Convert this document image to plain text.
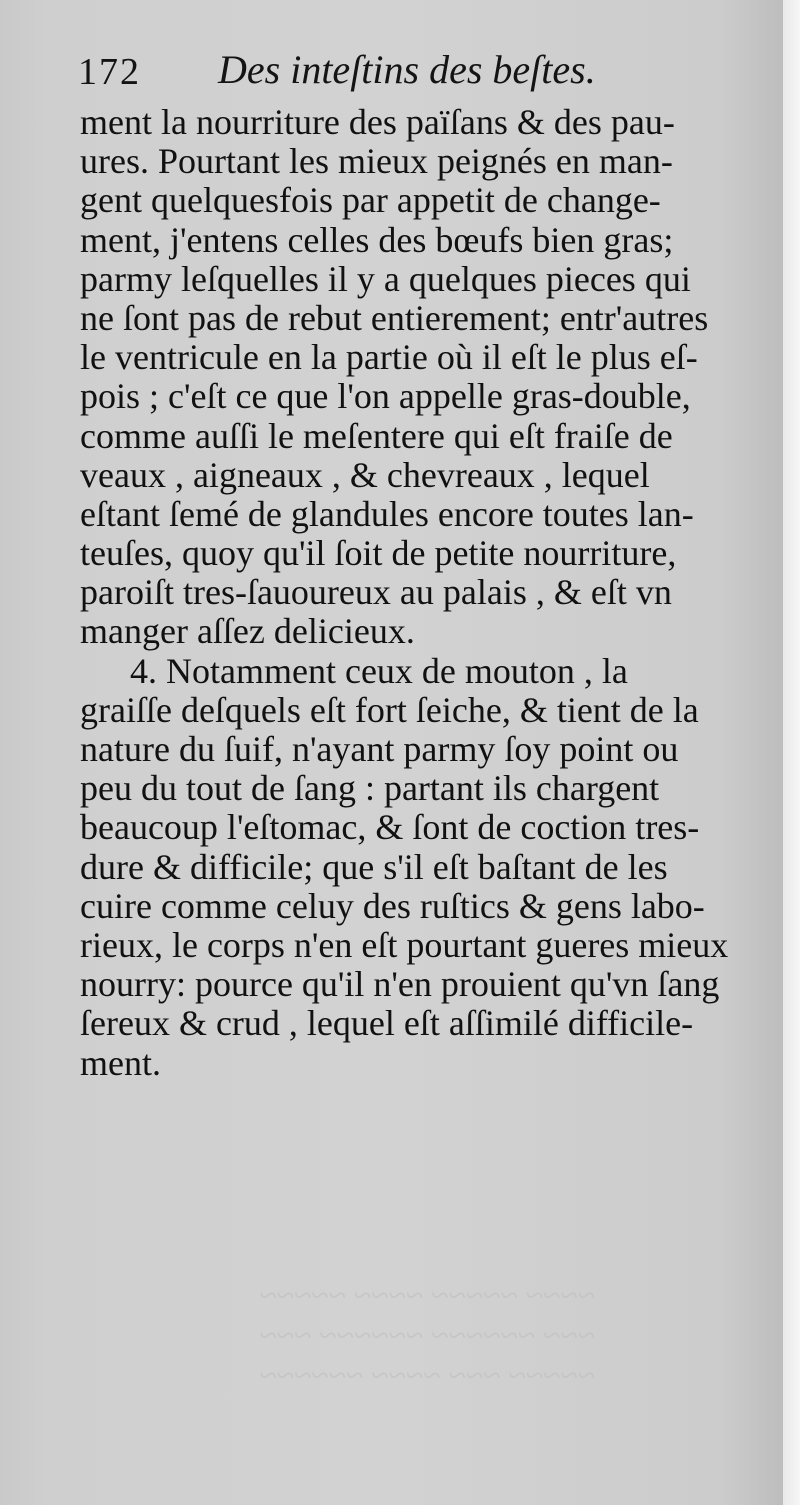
172 Des inteſtins des beſtes.
ment la nourriture des païſans & des pau-
ures. Pourtant les mieux peignés en man-
gent quelquesfois par appetit de change-
ment, j'entens celles des bœufs bien gras;
parmy leſquelles il y a quelques pieces qui
ne ſont pas de rebut entierement; entr'autres
le ventricule en la partie où il eſt le plus eſ-
pois ; c'eſt ce que l'on appelle gras-double,
comme auſſi le meſentere qui eſt fraiſe de
veaux , aigneaux , & chevreaux , lequel
eſtant ſemé de glandules encore toutes lan-
teuſes, quoy qu'il ſoit de petite nourriture,
paroiſt tres-ſauoureux au palais , & eſt vn
manger aſſez delicieux.
4. Notamment ceux de mouton , la
graiſſe deſquels eſt fort ſeiche, & tient de la
nature du ſuif, n'ayant parmy ſoy point ou
peu du tout de ſang : partant ils chargent
beaucoup l'eſtomac, & ſont de coction tres-
dure & difficile; que s'il eſt baſtant de les
cuire comme celuy des ruſtics & gens labo-
rieux, le corps n'en eſt pourtant gueres mieux
nourry: pource qu'il n'en prouient qu'vn ſang
ſereux & crud , lequel eſt aſſimilé difficile-
ment.
~~~~ ~~~~~ ~~~~ ~~~~~
~~~ ~~~~~~ ~~~~~~ ~~~
~~~~~ ~~~ ~~~~ ~~~~~~
